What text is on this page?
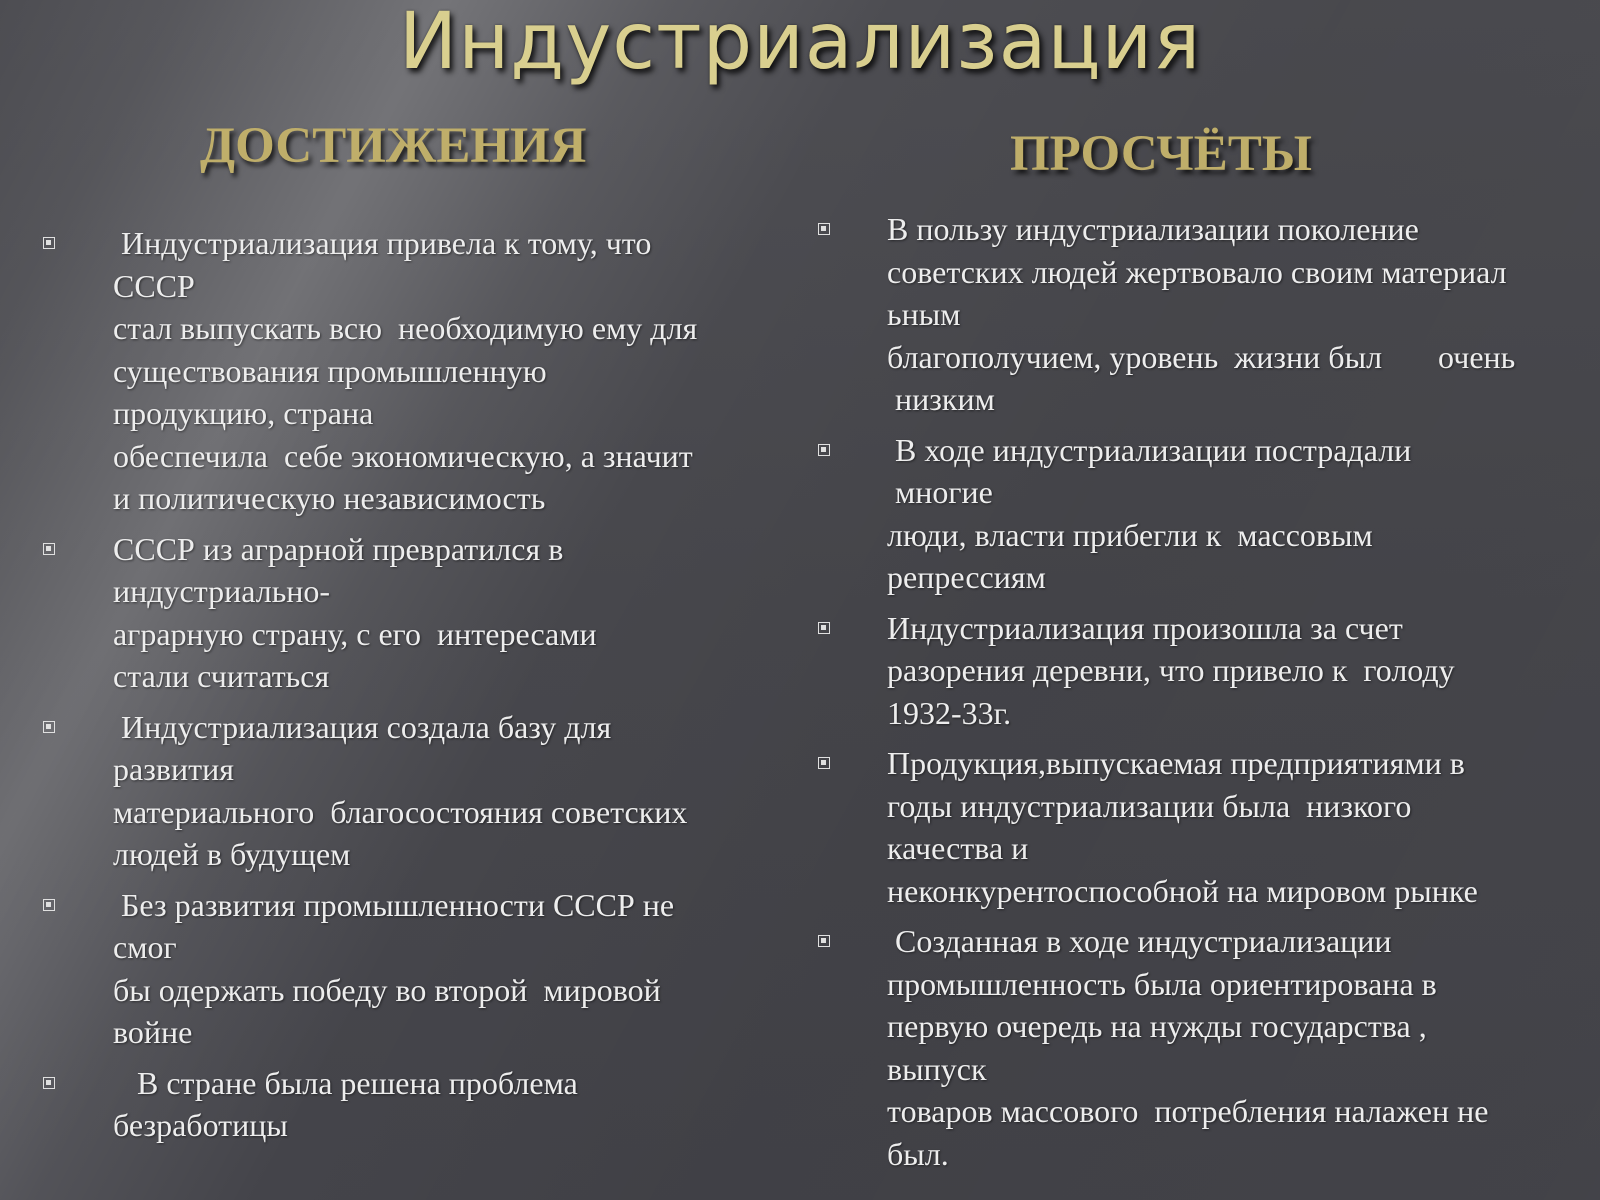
Индустриализация
ДОСТИЖЕНИЯ	ПРОСЧЁТЫ
Индустриализация привела к тому, что
СССР
стал выпускать всю  необходимую ему для
существования промышленную
продукцию, страна
обеспечила  себе экономическую, а значит
и политическую независимость
СССР из аграрной превратился в
индустриально-
аграрную страну, с его  интересами
стали считаться
Индустриализация создала базу для
развития
материального  благосостояния советских
людей в будущем
Без развития промышленности СССР не
смог
бы одержать победу во второй  мировой
войне
В стране была решена проблема
безработицы
В пользу индустриализации поколение
советских людей жертвовало своим материал
ьным
благополучием, уровень  жизни был       очень
низким
В ходе индустриализации пострадали
многие
люди, власти прибегли к  массовым
репрессиям
Индустриализация произошла за счет
разорения деревни, что привело к  голоду
1932-33г.
Продукция,выпускаемая предприятиями в
годы индустриализации была  низкого
качества и
неконкурентоспособной на мировом рынке
Созданная в ходе индустриализации
промышленность была ориентирована в
первую очередь на нужды государства ,
выпуск
товаров массового  потребления налажен не
был.
